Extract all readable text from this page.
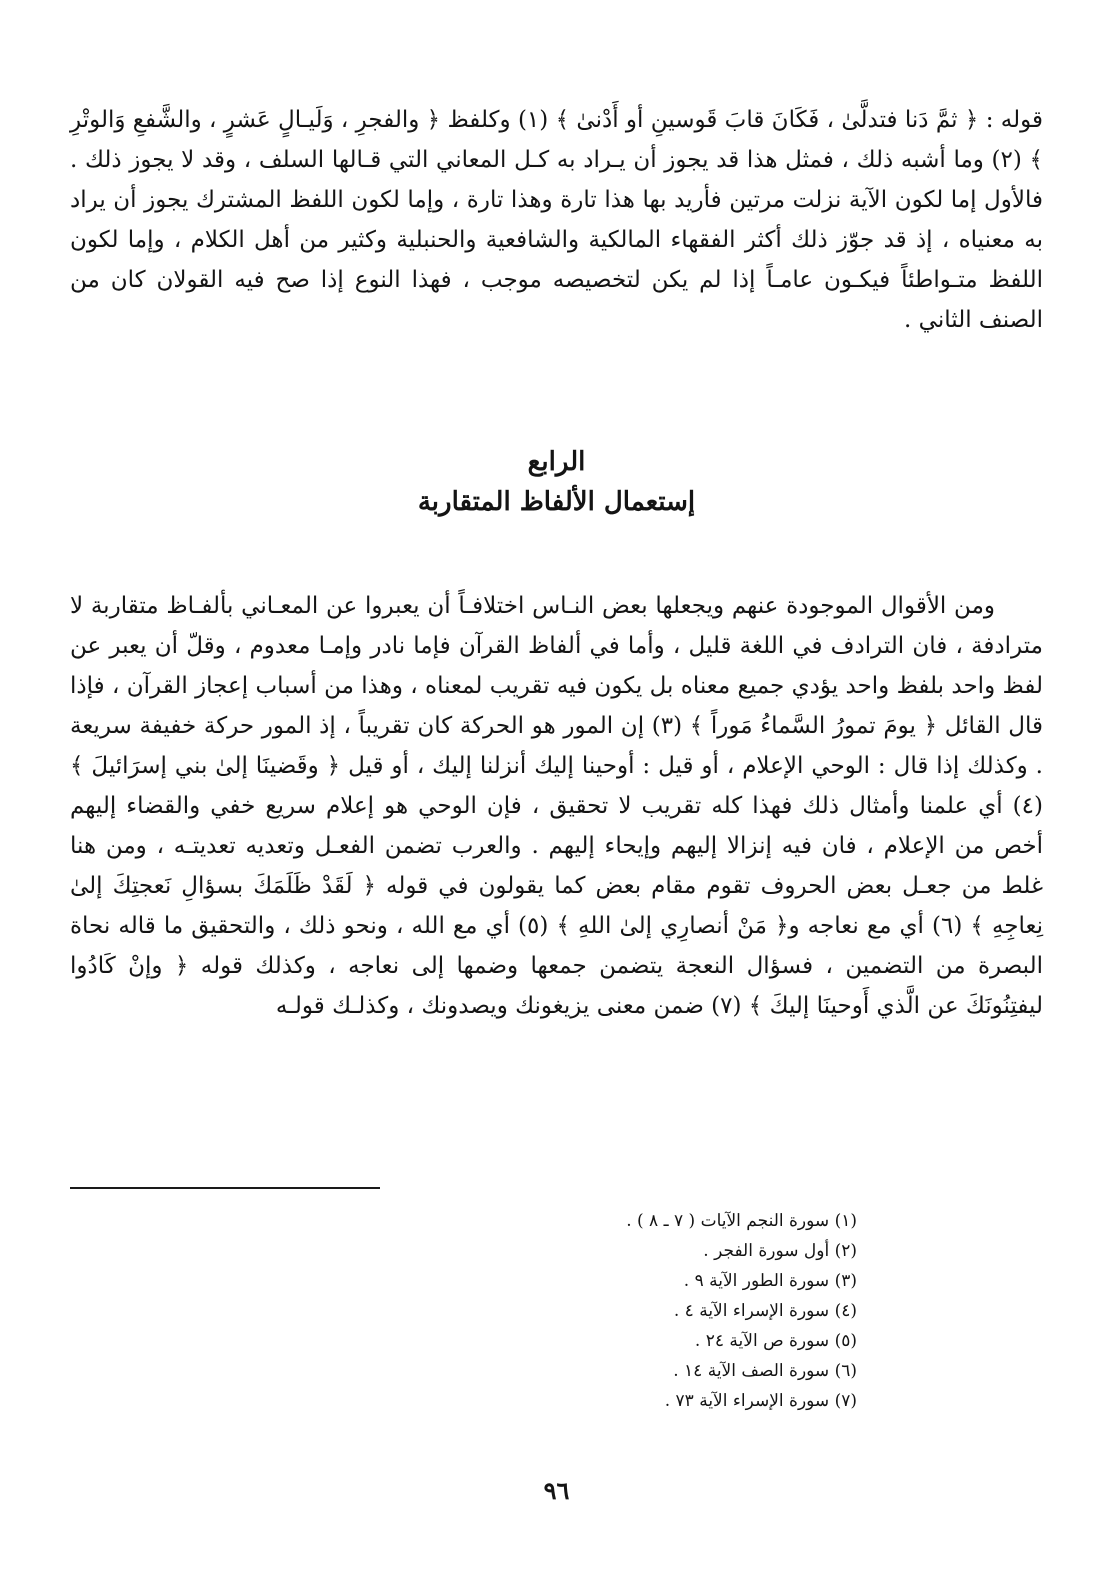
قوله : ﴿ ثمَّ دَنا فتدلَّىٰ ، فَكَانَ قابَ قَوسينِ أو أَدْنىٰ ﴾ (١) وكلفظ ﴿ والفجرِ ، وَلَيـالٍ عَشرٍ ، والشَّفعِ وَالوتْرِ ﴾ (٢) وما أشبه ذلك ، فمثل هذا قد يجوز أن يـراد به كـل المعاني التي قـالها السلف ، وقد لا يجوز ذلك . فالأول إما لكون الآية نزلت مرتين فأريد بها هذا تارة وهذا تارة ، وإما لكون اللفظ المشترك يجوز أن يراد به معنياه ، إذ قد جوّز ذلك أكثر الفقهاء المالكية والشافعية والحنبلية وكثير من أهل الكلام ، وإما لكون اللفظ متـواطئاً فيكـون عامـاً إذا لم يكن لتخصيصه موجب ، فهذا النوع إذا صح فيه القولان كان من الصنف الثاني .

الرابع
إستعمال الألفاظ المتقاربة

ومن الأقوال الموجودة عنهم ويجعلها بعض النـاس اختلافـاً أن يعبروا عن المعـاني بألفـاظ متقاربة لا مترادفة ، فان الترادف في اللغة قليل ، وأما في ألفاظ القرآن فإما نادر وإمـا معدوم ، وقلّ أن يعبر عن لفظ واحد بلفظ واحد يؤدي جميع معناه بل يكون فيه تقريب لمعناه ، وهذا من أسباب إعجاز القرآن ، فإذا قال القائل ﴿ يومَ تمورُ السَّماءُ مَوراً ﴾ (٣) إن المور هو الحركة كان تقريباً ، إذ المور حركة خفيفة سريعة . وكذلك إذا قال : الوحي الإعلام ، أو قيل : أوحينا إليك أنزلنا إليك ، أو قيل ﴿ وقَضينَا إلىٰ بني إسرَائيلَ ﴾ (٤) أي علمنا وأمثال ذلك فهذا كله تقريب لا تحقيق ، فإن الوحي هو إعلام سريع خفي والقضاء إليهم أخص من الإعلام ، فان فيه إنزالا إليهم وإيحاء إليهم . والعرب تضمن الفعـل وتعديه تعديتـه ، ومن هنا غلط من جعـل بعض الحروف تقوم مقام بعض كما يقولون في قوله ﴿ لَقَدْ ظَلَمَكَ بسؤالِ نَعجتِكَ إلىٰ نِعاجِهِ ﴾ (٦) أي مع نعاجه و﴿ مَنْ أنصارِي إلىٰ اللهِ ﴾ (٥) أي مع الله ، ونحو ذلك ، والتحقيق ما قاله نحاة البصرة من التضمين ، فسؤال النعجة يتضمن جمعها وضمها إلى نعاجه ، وكذلك قوله ﴿ وإنْ كَادُوا ليفتِنُونَكَ عن الَّذي أَوحينَا إليكَ ﴾ (٧) ضمن معنى يزيغونك ويصدونك ، وكذلـك قولـه

(١) سورة النجم الآيات ( ٧ ـ ٨ ) .
(٢) أول سورة الفجر .
(٣) سورة الطور الآية ٩ .
(٤) سورة الإسراء الآية ٤ .
(٥) سورة ص الآية ٢٤ .
(٦) سورة الصف الآية ١٤ .
(٧) سورة الإسراء الآية ٧٣ .
٩٦
